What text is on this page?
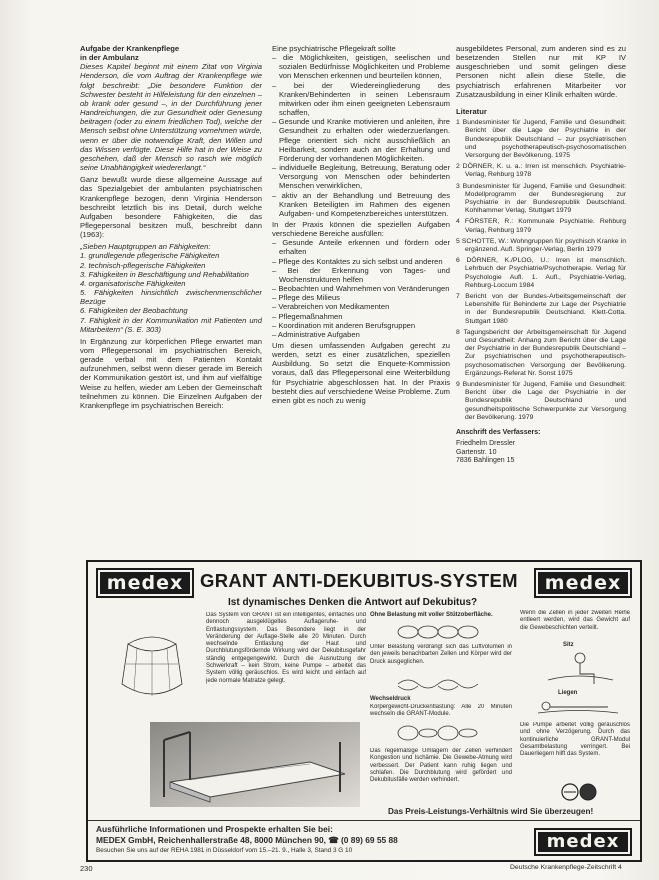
Aufgabe der Krankenpflege

in der Ambulanz

Dieses Kapitel beginnt mit einem Zitat von Virginia Henderson, die vom Auftrag der Krankenpflege wie folgt beschreibt: „Die besondere Funktion der Schwester besteht in Hilfeleistung für den einzelnen – ob krank oder gesund –, in der Durchführung jener Handreichungen, die zur Gesundheit oder Genesung beitragen (oder zu einem friedlichen Tod), welche der Mensch selbst ohne Unterstützung vornehmen würde, wenn er über die notwendige Kraft, den Willen und das Wissen verfügte. Diese Hilfe hat in der Weise zu geschehen, daß der Mensch so rasch wie möglich seine Unabhängigkeit wiedererlangt.“

Ganz bewußt wurde diese allgemeine Aussage auf das Spezialgebiet der ambulanten psychiatrischen Krankenpflege bezogen, denn Virginia Henderson beschreibt letztlich bis ins Detail, durch welche Aufgaben besondere Fähigkeiten, die das Pflegepersonal besitzen muß, beschreibt dann (1963):

„Sieben Hauptgruppen an Fähigkeiten:

1. grundlegende pflegerische Fähigkeiten
2. technisch-pflegerische Fähigkeiten
3. Fähigkeiten in Beschäftigung und Rehabilitation
4. organisatorische Fähigkeiten
5. Fähigkeiten hinsichtlich zwischenmenschlicher Bezüge
6. Fähigkeiten der Beobachtung
7. Fähigkeit in der Kommunikation mit Patienten und Mitarbeitern“ (S. E. 303)

In Ergänzung zur körperlichen Pflege erwartet man vom Pflegepersonal im psychiatrischen Bereich, gerade verbal mit dem Patienten Kontakt aufzunehmen, selbst wenn dieser gerade im Bereich der Kommunikation gestört ist, und ihm auf vielfältige Weise zu helfen, wieder am Leben der Gemeinschaft teilnehmen zu können. Die Einzelnen Aufgaben der Krankenpflege im psychiatrischen Bereich:

Eine psychiatrische Pflegekraft sollte

– die Möglichkeiten, geistigen, seelischen und sozialen Bedürfnisse Möglichkeiten und Probleme von Menschen erkennen und beurteilen können,
– bei der Wiedereingliederung des Kranken/Behinderten in seinen Lebensraum mitwirken oder ihm einen geeigneten Lebensraum schaffen,
– Gesunde und Kranke motivieren und anleiten, ihre Gesundheit zu erhalten oder wiederzuerlangen. Pflege orientiert sich nicht ausschließlich an Heilbarkeit, sondern auch an der Erhaltung und Förderung der vorhandenen Möglichkeiten.
– individuelle Begleitung, Betreuung, Beratung oder Versorgung von Menschen oder behinderten Menschen verwirklichen,
– aktiv an der Behandlung und Betreuung des Kranken Beteiligten im Rahmen des eigenen Aufgaben- und Kompetenzbereiches unterstützen.

In der Praxis können die speziellen Aufgaben verschiedene Bereiche ausfüllen:

– Gesunde Anteile erkennen und fördern oder erhalten
– Pflege des Kontaktes zu sich selbst und anderen
– Bei der Erkennung von Tages- und Wochenstrukturen helfen
– Beobachten und Wahrnehmen von Veränderungen
– Pflege des Milieus
– Verabreichen von Medikamenten
– Pflegemaßnahmen
– Koordination mit anderen Berufsgruppen
– Administrative Aufgaben

Um diesen umfassenden Aufgaben gerecht zu werden, setzt es einer zusätzlichen, speziellen Ausbildung. So setzt die Enquete-Kommission voraus, daß das Pflegepersonal eine Weiterbildung für Psychiatrie abgeschlossen hat. In der Praxis besteht dies auf verschiedene Weise Probleme. Zum einen gibt es noch zu wenig

ausgebildetes Personal, zum anderen sind es zu besetzenden Stellen nur mit KP IV ausgeschrieben und somit gelingen diese Personen nicht allein diese Stelle, die psychiatrisch erfahrenen Mitarbeiter vor Zusatzausbildung in einer Klinik erhalten würde.

Literatur

1 Bundesminister für Jugend, Familie und Gesundheit: Bericht über die Lage der Psychiatrie in der Bundesrepublik Deutschland – zur psychiatrischen und psychotherapeutisch-psychosomatischen Versorgung der Bevölkerung. 1975
2 DÖRNER, K. u. a.: Irren ist menschlich. Psychiatrie-Verlag, Rehburg 1978
3 Bundesminister für Jugend, Familie und Gesundheit: Modellprogramm der Bundesregierung zur Psychiatrie in der Bundesrepublik Deutschland. Kohlhammer Verlag, Stuttgart 1979
4 FÖRSTER, R.: Kommunale Psychiatrie. Rehburg Verlag, Rehburg 1979
5 SCHOTTE, W.: Wohngruppen für psychisch Kranke in ergänzend. Aufl. Springer-Verlag, Berlin 1979
6 DÖRNER, K./PLOG, U.: Irren ist menschlich. Lehrbuch der Psychiatrie/Psychotherapie. Verlag für Psychologie Aufl. 1. Aufl., Psychiatrie-Verlag, Rehburg-Loccum 1984
7 Bericht von der Bundes-Arbeitsgemeinschaft der Lebenshilfe für Behinderte zur Lage der Psychiatrie in der Bundesrepublik Deutschland. Klett-Cotta. Stuttgart 1980
8 Tagungsbericht der Arbeitsgemeinschaft für Jugend und Gesundheit: Anhang zum Bericht über die Lage der Psychiatrie in der Bundesrepublik Deutschland – Zur psychiatrischen und psychotherapeutisch-psychosomatischen Versorgung der Bevölkerung. Ergänzungs-Referat Nr. Sonst 1975
9 Bundesminister für Jugend, Familie und Gesundheit: Bericht über die Lage der Psychiatrie in der Bundesrepublik Deutschland und gesundheitspolitische Schwerpunkte zur Versorgung der Bevölkerung. 1979

Anschrift des Verfassers:

Friedhelm Dressler
Gartenstr. 10
7836 Bahlingen 15
medex GRANT ANTI-DEKUBITUS-SYSTEM	medex
Ist dynamisches Denken die Antwort auf Dekubitus?
Das System von GRANT ist ein intelligentes, einfaches und dennoch ausgeklügeltes Auflageruhe- und Entlastungssystem. Das Besondere liegt in der Veränderung der Auflage-Stelle alle 20 Minuten. Durch wechselnde Entlastung der Haut und Durchblutungsfördernde Wirkung wird der Dekubitusgefahr ständig entgegengewirkt. Durch die Ausnutzung der Schwerkraft – kein Strom, keine Pumpe – arbeitet das System völlig geräuschlos. Es wird leicht und einfach auf jede normale Matratze gelegt.
Ohne Belastung mit voller Stützoberfläche.
Unter Belastung verdrängt sich das Luftvolumen in den jeweils benachbarten Zellen und Körper wird der Druck ausgeglichen.
Wechseldruck
Körpergewicht-Druckentlastung: Alle 20 Minuten wechseln die GRANT-Module.
Das regelmäßige Umlagern der Zellen verhindert Kongestion und Ischämie. Die Gewebe-Atmung wird verbessert. Der Patient kann ruhig liegen und schlafen. Die Durchblutung wird gefördert und Dekubitusfälle werden verhindert.
Wenn die Zellen in jeder zweiten Reihe entleert werden, wird das Gewicht auf die Gewebeschichten verteilt.
Sitz
Liegen
Die Pumpe arbeitet völlig geräuschlos und ohne Verzögerung. Durch das kontinuierliche GRANT-Modul Gesamtbelastung verringert. Bei Dauerliegern hilft das System.
Das Preis-Leistungs-Verhältnis wird Sie überzeugen!
Ausführliche Informationen und Prospekte erhalten Sie bei:
MEDEX GmbH, Reichenhallerstraße 48, 8000 München 90, ☎ (0 89) 69 55 88
Besuchen Sie uns auf der REHA 1981 in Düsseldorf vom 15.–21. 9., Halle 3, Stand 3 G 10	medex
230	Deutsche Krankenpflege-Zeitschrift 4
